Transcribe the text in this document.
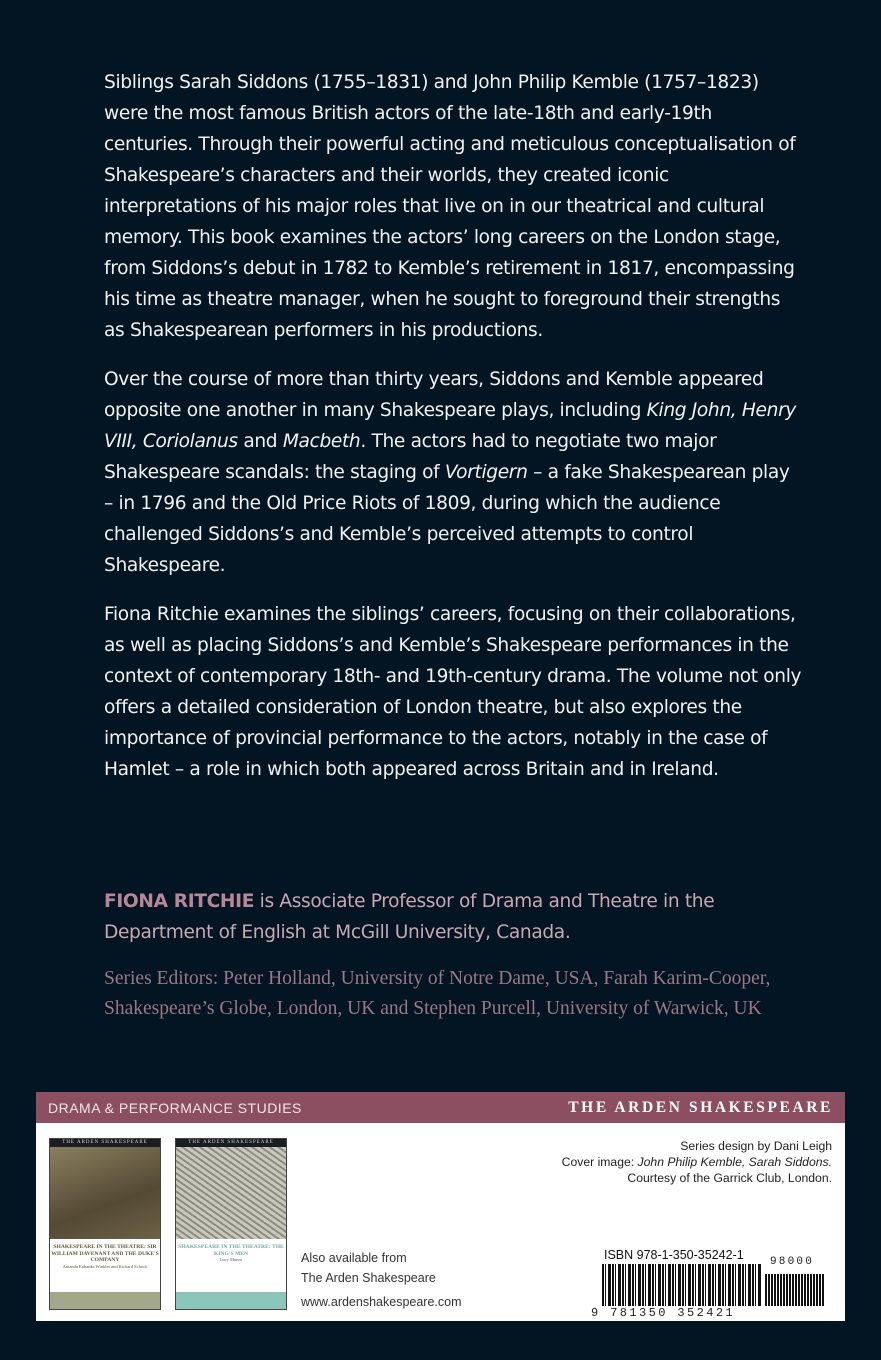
Siblings Sarah Siddons (1755–1831) and John Philip Kemble (1757–1823) were the most famous British actors of the late-18th and early-19th centuries. Through their powerful acting and meticulous conceptualisation of Shakespeare’s characters and their worlds, they created iconic interpretations of his major roles that live on in our theatrical and cultural memory. This book examines the actors’ long careers on the London stage, from Siddons’s debut in 1782 to Kemble’s retirement in 1817, encompassing his time as theatre manager, when he sought to foreground their strengths as Shakespearean performers in his productions.

Over the course of more than thirty years, Siddons and Kemble appeared opposite one another in many Shakespeare plays, including King John, Henry VIII, Coriolanus and Macbeth. The actors had to negotiate two major Shakespeare scandals: the staging of Vortigern – a fake Shakespearean play – in 1796 and the Old Price Riots of 1809, during which the audience challenged Siddons’s and Kemble’s perceived attempts to control Shakespeare.

Fiona Ritchie examines the siblings’ careers, focusing on their collaborations, as well as placing Siddons’s and Kemble’s Shakespeare performances in the context of contemporary 18th- and 19th-century drama. The volume not only offers a detailed consideration of London theatre, but also explores the importance of provincial performance to the actors, notably in the case of Hamlet – a role in which both appeared across Britain and in Ireland.

FIONA RITCHIE is Associate Professor of Drama and Theatre in the Department of English at McGill University, Canada.
Series Editors: Peter Holland, University of Notre Dame, USA, Farah Karim-Cooper, Shakespeare’s Globe, London, UK and Stephen Purcell, University of Warwick, UK
DRAMA & PERFORMANCE STUDIES	THE ARDEN SHAKESPEARE
THE ARDEN SHAKESPEARE
SHAKESPEARE IN THE THEATRE: SIR WILLIAM DAVENANT AND THE DUKE'S COMPANY
Amanda Eubanks Winkler and Richard Schoch
THE ARDEN SHAKESPEARE
SHAKESPEARE IN THE THEATRE: THE KING'S MEN
Lucy Munro	Also available from
The Arden Shakespeare
www.ardenshakespeare.com
Series design by Dani Leigh
Cover image: John Philip Kemble, Sarah Siddons.
Courtesy of the Garrick Club, London.
ISBN 978-1-350-35242-1 98000
9 781350 352421
